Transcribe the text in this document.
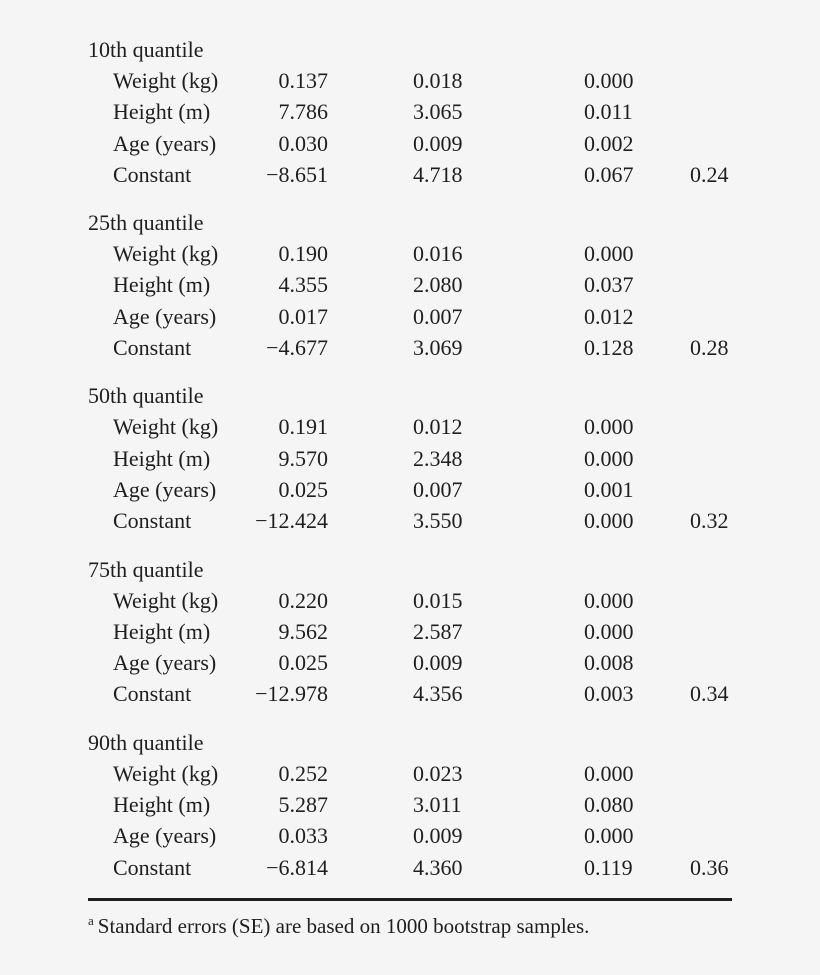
10th quantile
Weight (kg)	0.137	0.018	0.000
Height (m)	7.786	3.065	0.011
Age (years)	0.030	0.009	0.002
Constant	−8.651	4.718	0.067	0.24
25th quantile
Weight (kg)	0.190	0.016	0.000
Height (m)	4.355	2.080	0.037
Age (years)	0.017	0.007	0.012
Constant	−4.677	3.069	0.128	0.28
50th quantile
Weight (kg)	0.191	0.012	0.000
Height (m)	9.570	2.348	0.000
Age (years)	0.025	0.007	0.001
Constant	−12.424	3.550	0.000	0.32
75th quantile
Weight (kg)	0.220	0.015	0.000
Height (m)	9.562	2.587	0.000
Age (years)	0.025	0.009	0.008
Constant	−12.978	4.356	0.003	0.34
90th quantile
Weight (kg)	0.252	0.023	0.000
Height (m)	5.287	3.011	0.080
Age (years)	0.033	0.009	0.000
Constant	−6.814	4.360	0.119	0.36
$^a$ Standard errors (SE) are based on 1000 bootstrap samples.
